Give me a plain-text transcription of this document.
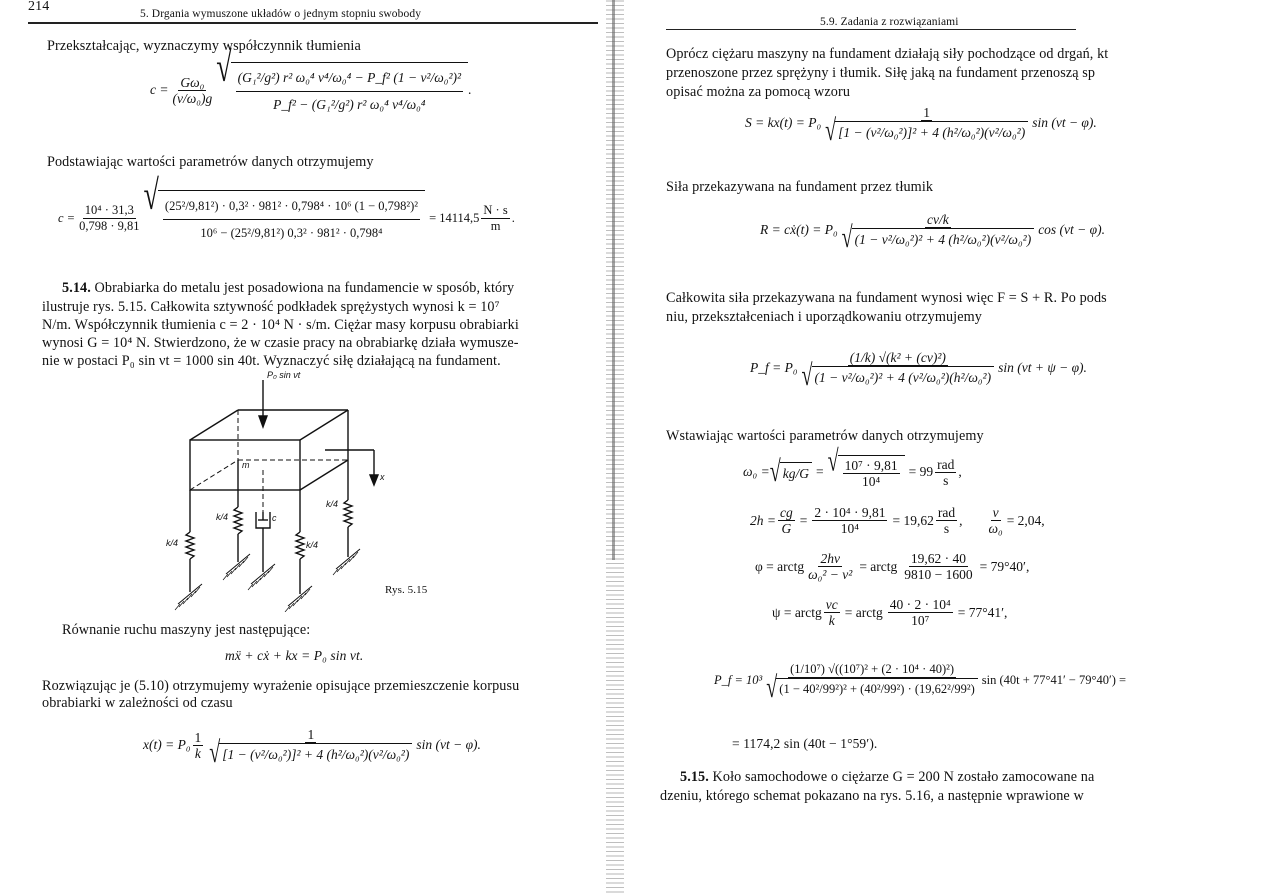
214	5. Drgania wymuszone układów o jednym stopniu swobody
Przekształcając, wyznaczymy współczynnik tłumienia
$c = \frac{\text{Gω₀}}{\text{(ν/ω₀)g}}$ √ $\frac{\text{(G₁²/g²) r² ω₀⁴ ν⁴/ω₀⁴ − P\_f² (1 − ν²/ω₀²)²}}{\text{P\_f² − (G₁²/g²) r² ω₀⁴ ν⁴/ω₀⁴}}$ .
Podstawiając wartości parametrów danych otrzymujemy
$c = \frac{\text{10⁴ · 31,3}}{0,798 \cdot 9,81}$ √ $\frac{\text{(25²/9,81²) · 0,3² · 981² · 0,798⁴ · 10⁶ (1 − 0,798²)²}}{\text{10⁶ − (25²/9,81²) 0,3² · 981² · 0,798⁴}} = 14114,5 \frac{N \cdot s}{m}$ .
5.14. Obrabiarka do metalu jest posadowiona na fundamencie w sposób, który
ilustruje rys. 5.15. Całkowita sztywność podkładek sprężystych wynosi k = 10⁷
N/m. Współczynnik tłumienia c = 2 · 10⁴ N · s/m. Ciężar masy korpusu obrabiarki
wynosi G = 10⁴ N. Stwierdzono, że w czasie pracy na obrabiarkę działa wymusze-
nie w postaci P₀ sin νt = 1000 sin 40t. Wyznaczyć siłę działającą na fundament.
P₀ sin νt
m
x
k/4
k/4
k/4
k/4
c
Rys. 5.15
Równanie ruchu maszyny jest następujące:
mẍ + cẋ + kx = P₀ sin νt.
Rozwiązując je (5.10) otrzymujemy wyrażenie opisujące przemieszczenie korpusu
obrabiarki w zależności od czasu
$x(t) = P_0 \frac{1}{k} \frac{1}{\text{√ [1 − (ν²/ω₀²)]² + 4 (h²/ω₀²)(ν²/ω₀²)}}$ sin (νt − φ).
5.9. Zadania z rozwiązaniami
Oprócz ciężaru maszyny na fundament działają siły pochodzące od drgań, kt
przenoszone przez sprężyny i tłumik. Siłę jaką na fundament przenoszą sp
opisać można za pomocą wzoru
$S = kx(t) = P_0 \frac{1}{\text{√ [1 − (ν²/ω₀²)]² + 4 (h²/ω₀²)(ν²/ω₀²)}}$ sin (νt − φ).
Siła przekazywana na fundament przez tłumik
R = cẋ(t) = $P_0 \frac{c\nu/k}{\text{√ (1 − ν²/ω₀²)² + 4 (h²/ω₀²)(ν²/ω₀²)}}$ cos (νt − φ).
Całkowita siła przekazywana na fundament wynosi więc F = S + R. Po pods
niu, przekształceniach i uporządkowaniu otrzymujemy
P_f = $P_0 \frac{\text{(1/k) √(k² + (cν)²)}}{\text{√ (1 − ν²/ω₀²)² + 4 (ν²/ω₀²)(h²/ω₀²)}}$ sin (νt + ψ − φ).
Wstawiając wartości parametrów danych otrzymujemy
ω₀ = √ kg/G = √ $\frac{\text{10⁷ · 9,81}}{\text{10⁴}} = 99 \frac{\text{rad}}{s}$ ,
$2h = \frac{cg}{G} = \frac{\text{2 · 10⁴ · 9,81}}{\text{10⁴}} = 19,62 \frac{\text{rad}}{s}$ , $\frac{\nu}{\text{ω₀}} = 2,04$,
φ = arctg $\frac{2h\nu}{\text{ω₀² − ν²}}$ = arctg $\frac{19,62 \cdot 40}{9810 - 1600} = 79^\circ 40'$,
ψ = arctg $\frac{\nu c}{k}$ = arctg $\frac{\text{40 · 2 · 10⁴}}{\text{10⁷}} = 77^\circ 41'$,
P_f = $10^3 \frac{\text{(1/10⁷) √((10⁷)² + (2 · 10⁴ · 40)²)}}{\text{√ (1 − 40²/99²)² + (40²/99²) · (19,62²/99²)}}$ sin (40t + 77°41′ − 79°40′) =
= 1174,2 sin (40t − 1°59′).
5.15. Koło samochodowe o ciężarze G = 200 N zostało zamocowane na
dzeniu, którego schemat pokazano na rys. 5.16, a następnie wprawione w
